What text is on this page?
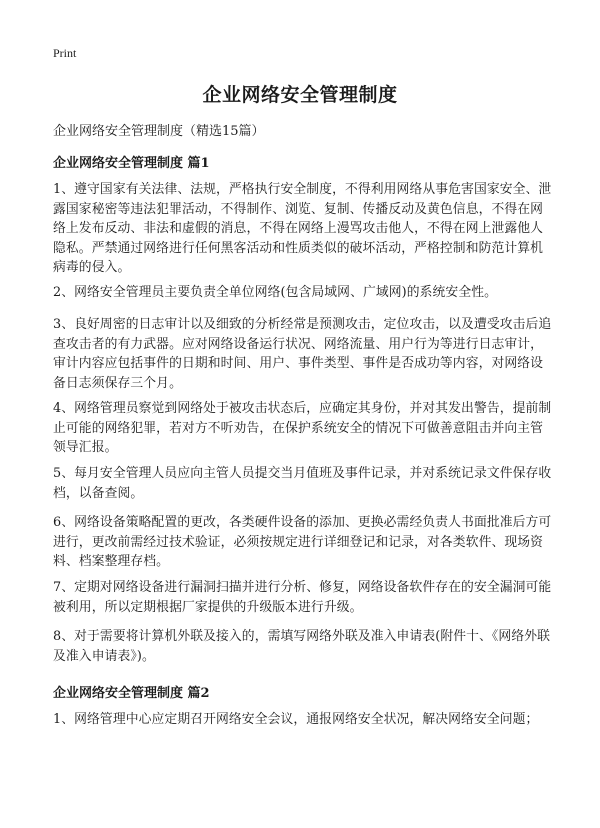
Print
企业网络安全管理制度

企业网络安全管理制度（精选15篇）

企业网络安全管理制度 篇1

1、遵守国家有关法律、法规，严格执行安全制度，不得利用网络从事危害国家安全、泄露国家秘密等违法犯罪活动，不得制作、浏览、复制、传播反动及黄色信息，不得在网络上发布反动、非法和虚假的消息，不得在网络上漫骂攻击他人，不得在网上泄露他人隐私。严禁通过网络进行任何黑客活动和性质类似的破坏活动，严格控制和防范计算机病毒的侵入。

2、网络安全管理员主要负责全单位网络(包含局域网、广域网)的系统安全性。

3、良好周密的日志审计以及细致的分析经常是预测攻击，定位攻击，以及遭受攻击后追查攻击者的有力武器。应对网络设备运行状况、网络流量、用户行为等进行日志审计，审计内容应包括事件的日期和时间、用户、事件类型、事件是否成功等内容，对网络设备日志须保存三个月。

4、网络管理员察觉到网络处于被攻击状态后，应确定其身份，并对其发出警告，提前制止可能的网络犯罪，若对方不听劝告，在保护系统安全的情况下可做善意阻击并向主管领导汇报。

5、每月安全管理人员应向主管人员提交当月值班及事件记录，并对系统记录文件保存收档，以备查阅。

6、网络设备策略配置的更改，各类硬件设备的添加、更换必需经负责人书面批准后方可进行，更改前需经过技术验证，必须按规定进行详细登记和记录，对各类软件、现场资料、档案整理存档。

7、定期对网络设备进行漏洞扫描并进行分析、修复，网络设备软件存在的安全漏洞可能被利用，所以定期根据厂家提供的升级版本进行升级。

8、对于需要将计算机外联及接入的，需填写网络外联及准入申请表(附件十、《网络外联及准入申请表》)。

企业网络安全管理制度 篇2

1、网络管理中心应定期召开网络安全会议，通报网络安全状况，解决网络安全问题；
